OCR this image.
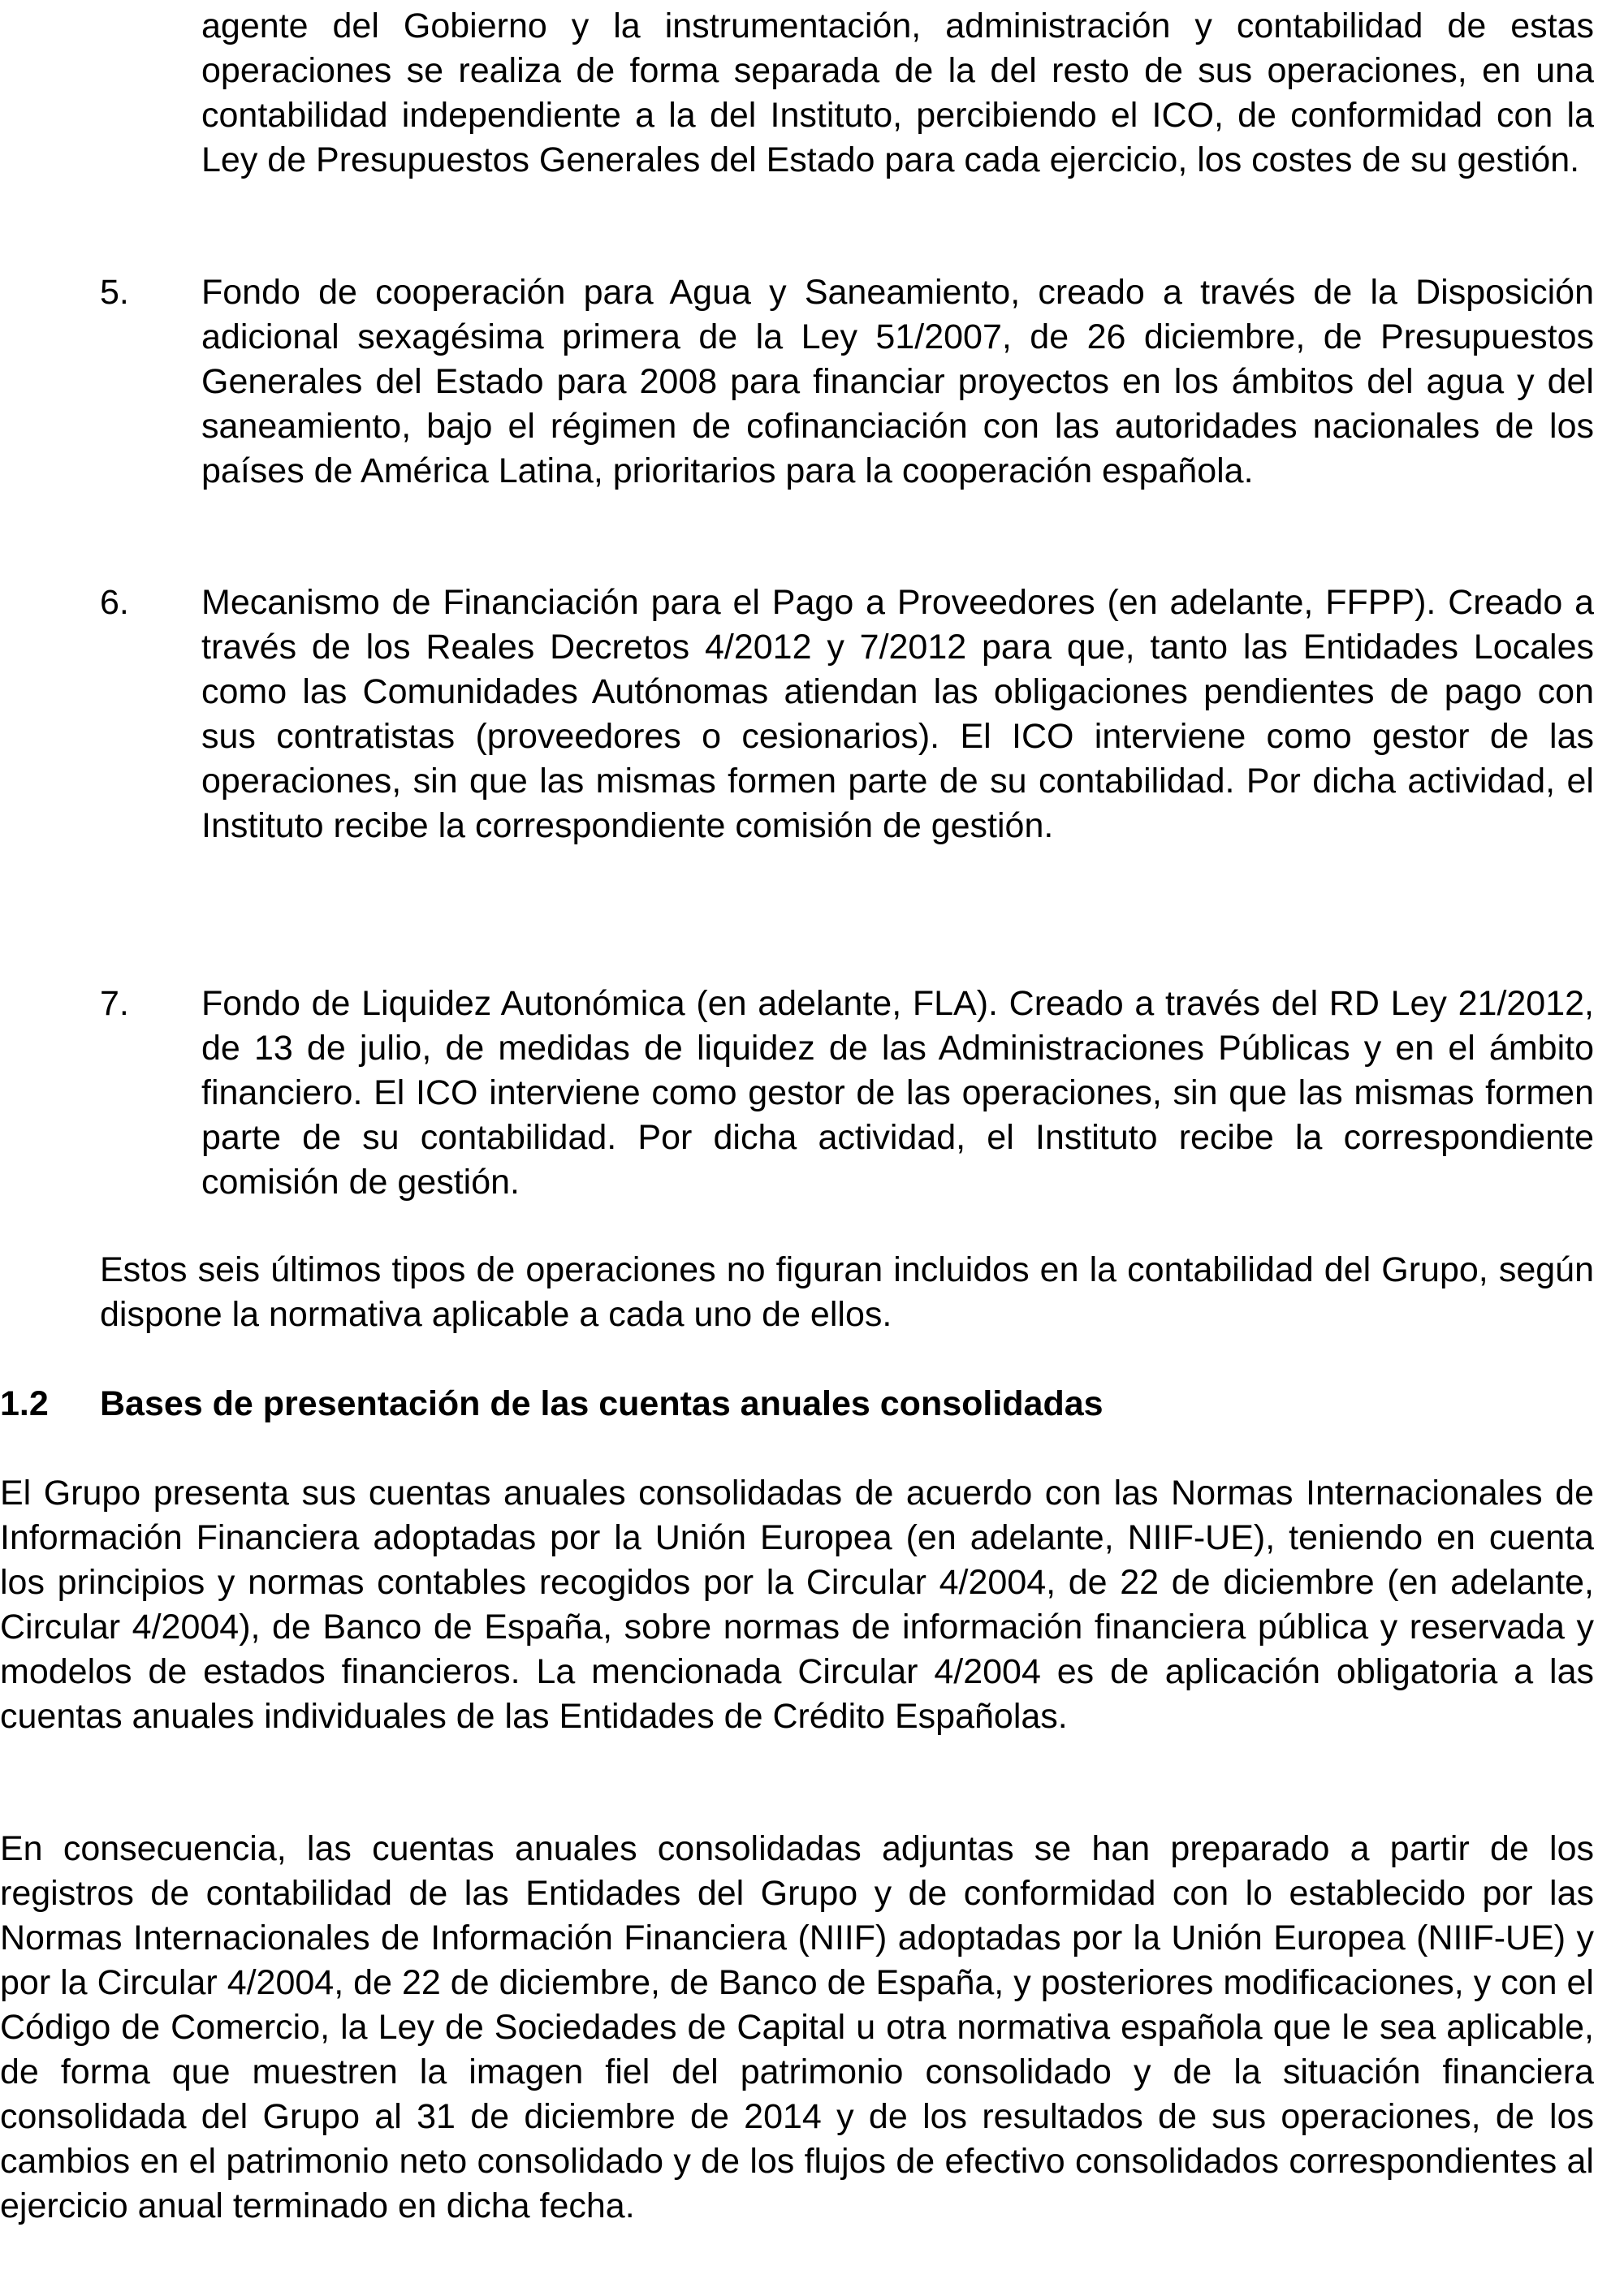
agente del Gobierno y la instrumentación, administración y contabilidad de estas operaciones se realiza de forma separada de la del resto de sus operaciones, en una contabilidad independiente a la del Instituto, percibiendo el ICO, de conformidad con la Ley de Presupuestos Generales del Estado para cada ejercicio, los costes de su gestión.

5.	Fondo de cooperación para Agua y Saneamiento, creado a través de la Disposición adicional sexagésima primera de la Ley 51/2007, de 26 diciembre, de Presupuestos Generales del Estado para 2008 para financiar proyectos en los ámbitos del agua y del saneamiento, bajo el régimen de cofinanciación con las autoridades nacionales de los países de América Latina, prioritarios para la cooperación española.

6.	Mecanismo de Financiación para el Pago a Proveedores (en adelante, FFPP). Creado a través de los Reales Decretos 4/2012 y 7/2012 para que, tanto las Entidades Locales como las Comunidades Autónomas atiendan las obligaciones pendientes de pago con sus contratistas (proveedores o cesionarios). El ICO interviene como gestor de las operaciones, sin que las mismas formen parte de su contabilidad. Por dicha actividad, el Instituto recibe la correspondiente comisión de gestión.

7.	Fondo de Liquidez Autonómica (en adelante, FLA). Creado a través del RD Ley 21/2012, de 13 de julio, de medidas de liquidez de las Administraciones Públicas y en el ámbito financiero. El ICO interviene como gestor de las operaciones, sin que las mismas formen parte de su contabilidad. Por dicha actividad, el Instituto recibe la correspondiente comisión de gestión.

Estos seis últimos tipos de operaciones no figuran incluidos en la contabilidad del Grupo, según dispone la normativa aplicable a cada uno de ellos.

1.2 Bases de presentación de las cuentas anuales consolidadas

El Grupo presenta sus cuentas anuales consolidadas de acuerdo con las Normas Internacionales de Información Financiera adoptadas por la Unión Europea (en adelante, NIIF-UE), teniendo en cuenta los principios y normas contables recogidos por la Circular 4/2004, de 22 de diciembre (en adelante, Circular 4/2004), de Banco de España, sobre normas de información financiera pública y reservada y modelos de estados financieros. La mencionada Circular 4/2004 es de aplicación obligatoria a las cuentas anuales individuales de las Entidades de Crédito Españolas.

En consecuencia, las cuentas anuales consolidadas adjuntas se han preparado a partir de los registros de contabilidad de las Entidades del Grupo y de conformidad con lo establecido por las Normas Internacionales de Información Financiera (NIIF) adoptadas por la Unión Europea (NIIF-UE) y por la Circular 4/2004, de 22 de diciembre, de Banco de España, y posteriores modificaciones, y con el Código de Comercio, la Ley de Sociedades de Capital u otra normativa española que le sea aplicable, de forma que muestren la imagen fiel del patrimonio consolidado y de la situación financiera consolidada del Grupo al 31 de diciembre de 2014 y de los resultados de sus operaciones, de los cambios en el patrimonio neto consolidado y de los flujos de efectivo consolidados correspondientes al ejercicio anual terminado en dicha fecha.
